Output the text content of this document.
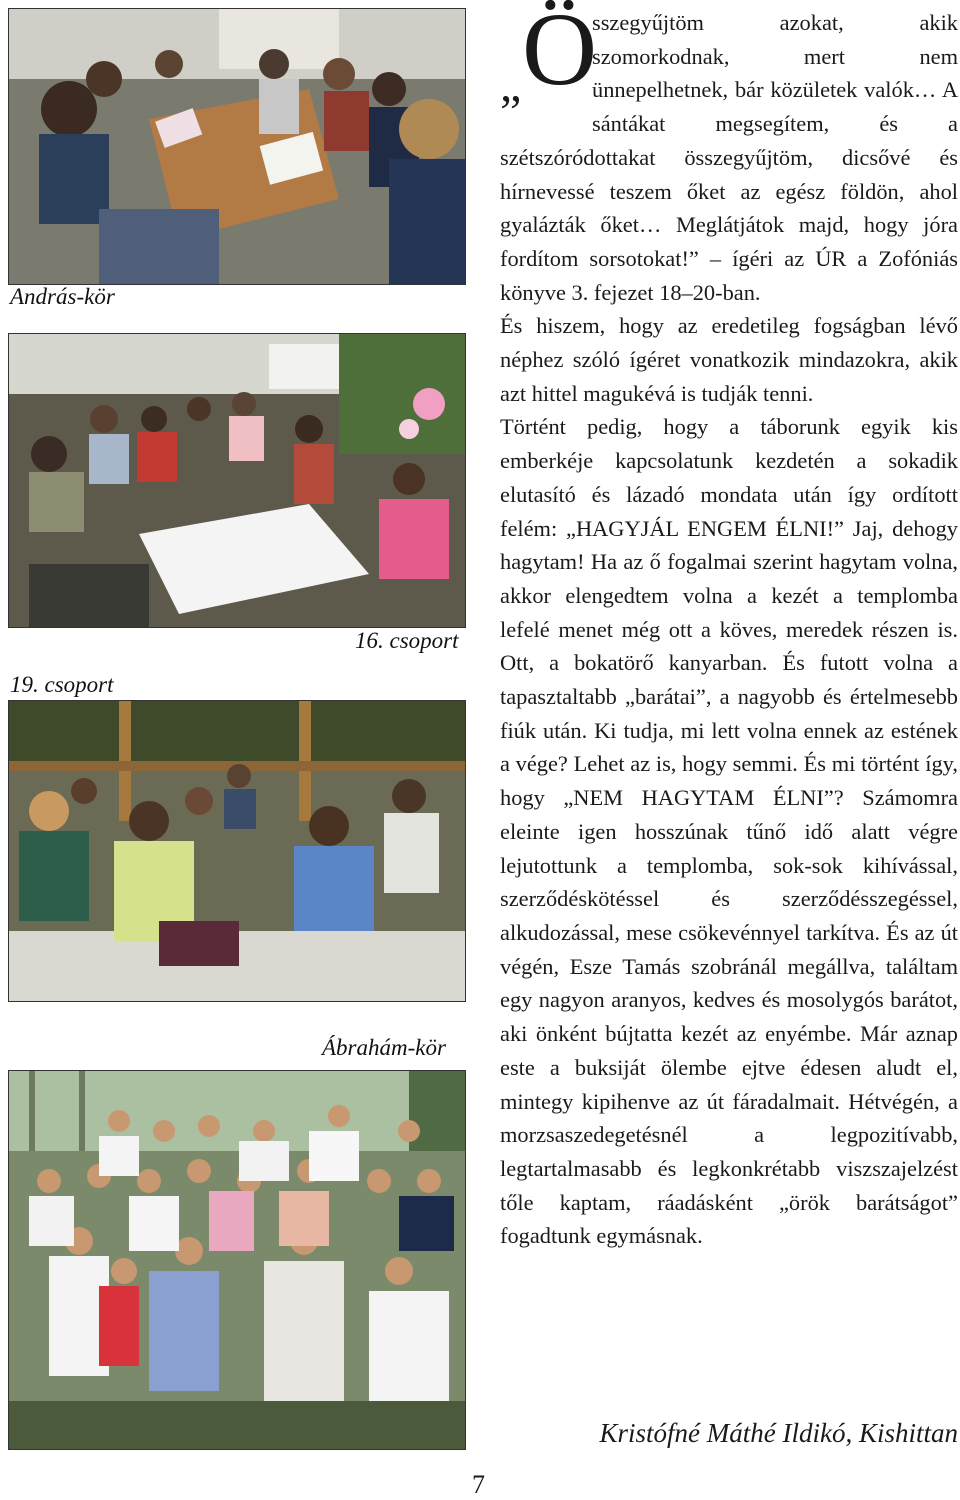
András-kör
16. csoport
19. csoport
Ábrahám-kör
„ Ö

sszegyűjtöm azokat, akik szomorkodnak, mert nem ünnepelhetnek, bár közületek valók… A sántákat megsegítem, és a szétszóródottakat összegyűjtöm, dicsővé és hírnevessé teszem őket az egész földön, ahol gyalázták őket… Meglátjátok majd, hogy jóra fordítom sorsotokat!” – ígéri az ÚR a Zofóniás könyve 3. fejezet 18–20-ban.

És hiszem, hogy az eredetileg fogságban lévő néphez szóló ígéret vonatkozik mindazokra, akik azt hittel magukévá is tudják tenni.

Történt pedig, hogy a táborunk egyik kis emberkéje kapcsolatunk kezdetén a sokadik elutasító és lázadó mondata után így ordított felém: „HAGYJÁL ENGEM ÉLNI!” Jaj, dehogy hagytam! Ha az ő fogalmai szerint hagytam volna, akkor elengedtem volna a kezét a templomba lefelé menet még ott a köves, meredek részen is. Ott, a bokatörő kanyarban. És futott volna a tapasztaltabb „barátai”, a nagyobb és értelmesebb fiúk után. Ki tudja, mi lett volna ennek az estének a vége? Lehet az is, hogy semmi. És mi történt így, hogy „NEM HAGYTAM ÉLNI”? Számomra eleinte igen hosszúnak tűnő idő alatt végre lejutottunk a templomba, sok-sok kihívással, szerződéskötéssel és szerződésszegéssel, alkudozással, mese csökevénnyel tarkítva. És az út végén, Esze Tamás szobránál megállva, találtam egy nagyon aranyos, kedves és mosolygós barátot, aki önként bújtatta kezét az enyémbe. Már aznap este a buksiját ölembe ejtve édesen aludt el, mintegy kipihenve az út fáradalmait. Hétvégén, a morzsaszedegetésnél a legpozitívabb, legtartalmasabb és legkonkrétabb viszszajelzést tőle kaptam, ráadásként „örök barátságot” fogadtunk egymásnak.

Kristófné Máthé Ildikó, Kishittan
7
